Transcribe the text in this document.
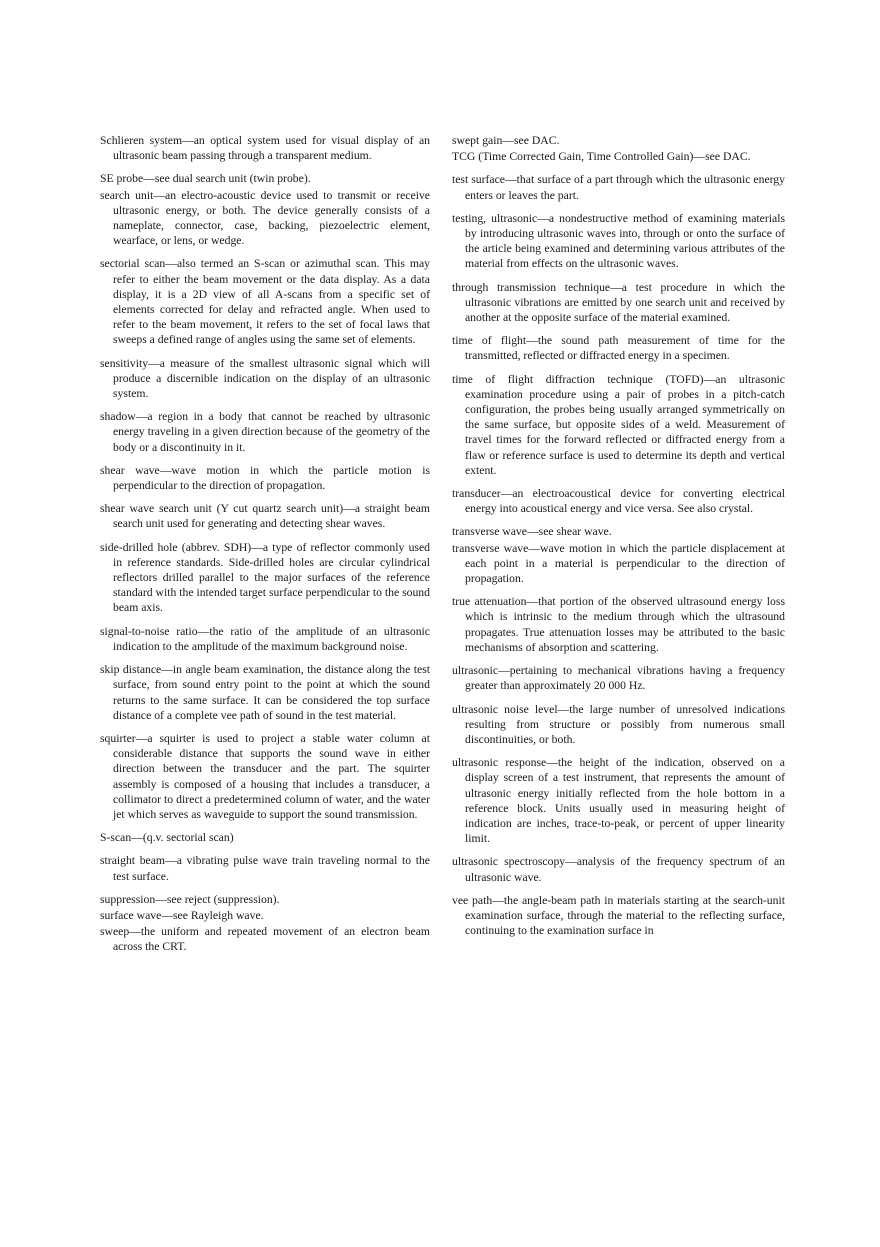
Schlieren system—an optical system used for visual display of an ultrasonic beam passing through a transparent medium.

SE probe—see dual search unit (twin probe).

search unit—an electro-acoustic device used to transmit or receive ultrasonic energy, or both. The device generally consists of a nameplate, connector, case, backing, piezoelectric element, wearface, or lens, or wedge.

sectorial scan—also termed an S-scan or azimuthal scan. This may refer to either the beam movement or the data display. As a data display, it is a 2D view of all A-scans from a specific set of elements corrected for delay and refracted angle. When used to refer to the beam movement, it refers to the set of focal laws that sweeps a defined range of angles using the same set of elements.

sensitivity—a measure of the smallest ultrasonic signal which will produce a discernible indication on the display of an ultrasonic system.

shadow—a region in a body that cannot be reached by ultrasonic energy traveling in a given direction because of the geometry of the body or a discontinuity in it.

shear wave—wave motion in which the particle motion is perpendicular to the direction of propagation.

shear wave search unit (Y cut quartz search unit)—a straight beam search unit used for generating and detecting shear waves.

side-drilled hole (abbrev. SDH)—a type of reflector commonly used in reference standards. Side-drilled holes are circular cylindrical reflectors drilled parallel to the major surfaces of the reference standard with the intended target surface perpendicular to the sound beam axis.

signal-to-noise ratio—the ratio of the amplitude of an ultrasonic indication to the amplitude of the maximum background noise.

skip distance—in angle beam examination, the distance along the test surface, from sound entry point to the point at which the sound returns to the same surface. It can be considered the top surface distance of a complete vee path of sound in the test material.

squirter—a squirter is used to project a stable water column at considerable distance that supports the sound wave in either direction between the transducer and the part. The squirter assembly is composed of a housing that includes a transducer, a collimator to direct a predetermined column of water, and the water jet which serves as waveguide to support the sound transmission.

S-scan—(q.v. sectorial scan)

straight beam—a vibrating pulse wave train traveling normal to the test surface.

suppression—see reject (suppression).

surface wave—see Rayleigh wave.

sweep—the uniform and repeated movement of an electron beam across the CRT.

swept gain—see DAC.

TCG (Time Corrected Gain, Time Controlled Gain)—see DAC.

test surface—that surface of a part through which the ultrasonic energy enters or leaves the part.

testing, ultrasonic—a nondestructive method of examining materials by introducing ultrasonic waves into, through or onto the surface of the article being examined and determining various attributes of the material from effects on the ultrasonic waves.

through transmission technique—a test procedure in which the ultrasonic vibrations are emitted by one search unit and received by another at the opposite surface of the material examined.

time of flight—the sound path measurement of time for the transmitted, reflected or diffracted energy in a specimen.

time of flight diffraction technique (TOFD)—an ultrasonic examination procedure using a pair of probes in a pitch-catch configuration, the probes being usually arranged symmetrically on the same surface, but opposite sides of a weld. Measurement of travel times for the forward reflected or diffracted energy from a flaw or reference surface is used to determine its depth and vertical extent.

transducer—an electroacoustical device for converting electrical energy into acoustical energy and vice versa. See also crystal.

transverse wave—see shear wave.

transverse wave—wave motion in which the particle displacement at each point in a material is perpendicular to the direction of propagation.

true attenuation—that portion of the observed ultrasound energy loss which is intrinsic to the medium through which the ultrasound propagates. True attenuation losses may be attributed to the basic mechanisms of absorption and scattering.

ultrasonic—pertaining to mechanical vibrations having a frequency greater than approximately 20 000 Hz.

ultrasonic noise level—the large number of unresolved indications resulting from structure or possibly from numerous small discontinuities, or both.

ultrasonic response—the height of the indication, observed on a display screen of a test instrument, that represents the amount of ultrasonic energy initially reflected from the hole bottom in a reference block. Units usually used in measuring height of indication are inches, trace-to-peak, or percent of upper linearity limit.

ultrasonic spectroscopy—analysis of the frequency spectrum of an ultrasonic wave.

vee path—the angle-beam path in materials starting at the search-unit examination surface, through the material to the reflecting surface, continuing to the examination surface in
